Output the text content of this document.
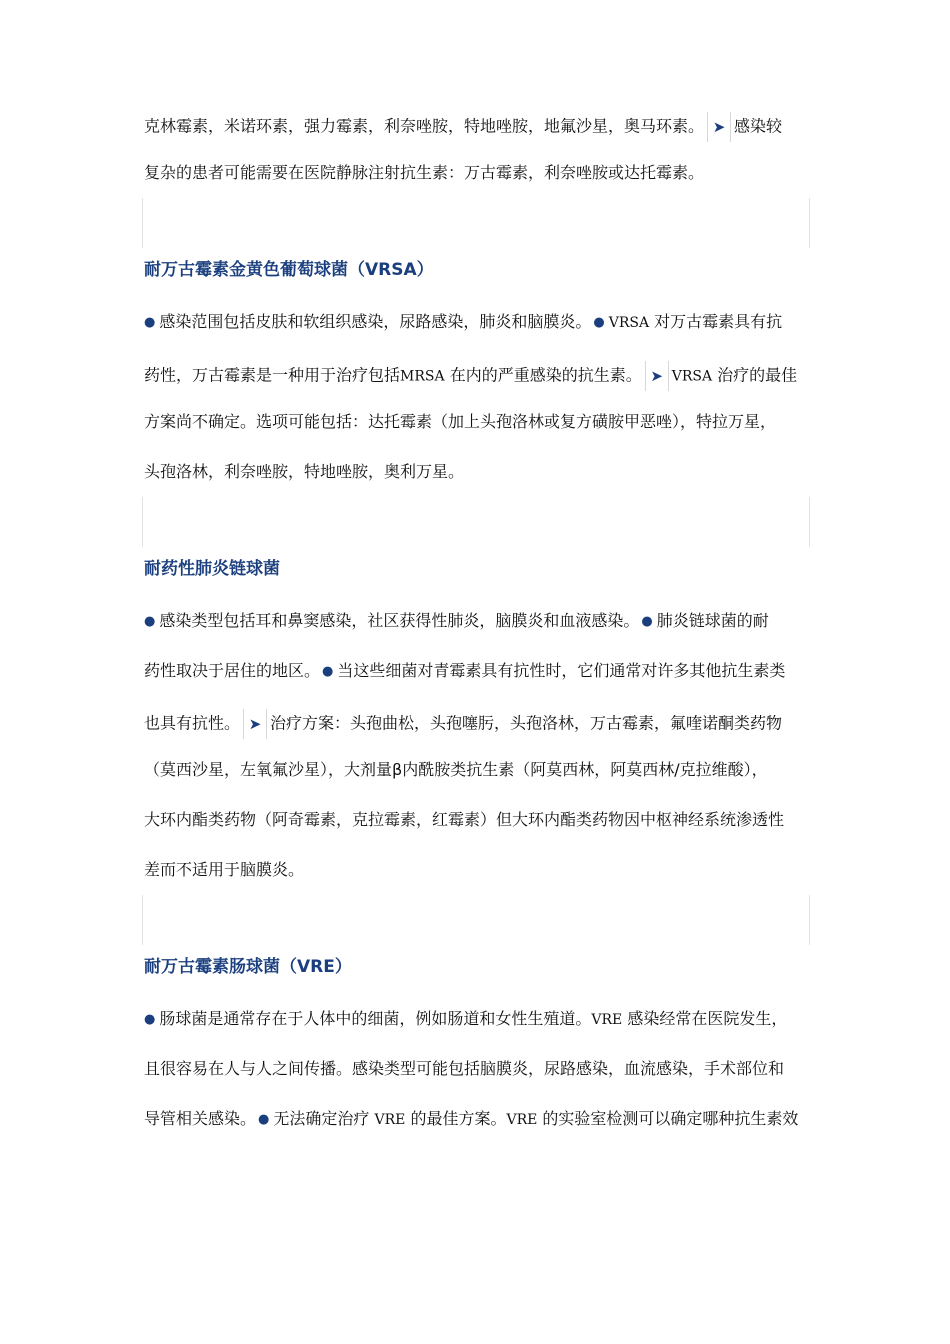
克林霉素，米诺环素，强力霉素，利奈唑胺，特地唑胺，地氟沙星，奥马环素。 ➤ 感染较
复杂的患者可能需要在医院静脉注射抗生素：万古霉素，利奈唑胺或达托霉素。
耐万古霉素金黄色葡萄球菌（VRSA）
● 感染范围包括皮肤和软组织感染，尿路感染，肺炎和脑膜炎。 ● VRSA 对万古霉素具有抗
药性，万古霉素是一种用于治疗包括MRSA 在内的严重感染的抗生素。 ➤ VRSA 治疗的最佳
方案尚不确定。选项可能包括：达托霉素（加上头孢洛林或复方磺胺甲恶唑），特拉万星，
头孢洛林，利奈唑胺，特地唑胺，奥利万星。
耐药性肺炎链球菌
● 感染类型包括耳和鼻窦感染，社区获得性肺炎，脑膜炎和血液感染。 ● 肺炎链球菌的耐
药性取决于居住的地区。 ● 当这些细菌对青霉素具有抗性时，它们通常对许多其他抗生素类
也具有抗性。 ➤ 治疗方案：头孢曲松，头孢噻肟，头孢洛林，万古霉素，氟喹诺酮类药物
（莫西沙星，左氧氟沙星），大剂量β内酰胺类抗生素（阿莫西林，阿莫西林/克拉维酸），
大环内酯类药物（阿奇霉素，克拉霉素，红霉素）但大环内酯类药物因中枢神经系统渗透性
差而不适用于脑膜炎。
耐万古霉素肠球菌（VRE）
● 肠球菌是通常存在于人体中的细菌，例如肠道和女性生殖道。VRE 感染经常在医院发生，
且很容易在人与人之间传播。感染类型可能包括脑膜炎，尿路感染，血流感染，手术部位和
导管相关感染。 ● 无法确定治疗 VRE 的最佳方案。VRE 的实验室检测可以确定哪种抗生素效
